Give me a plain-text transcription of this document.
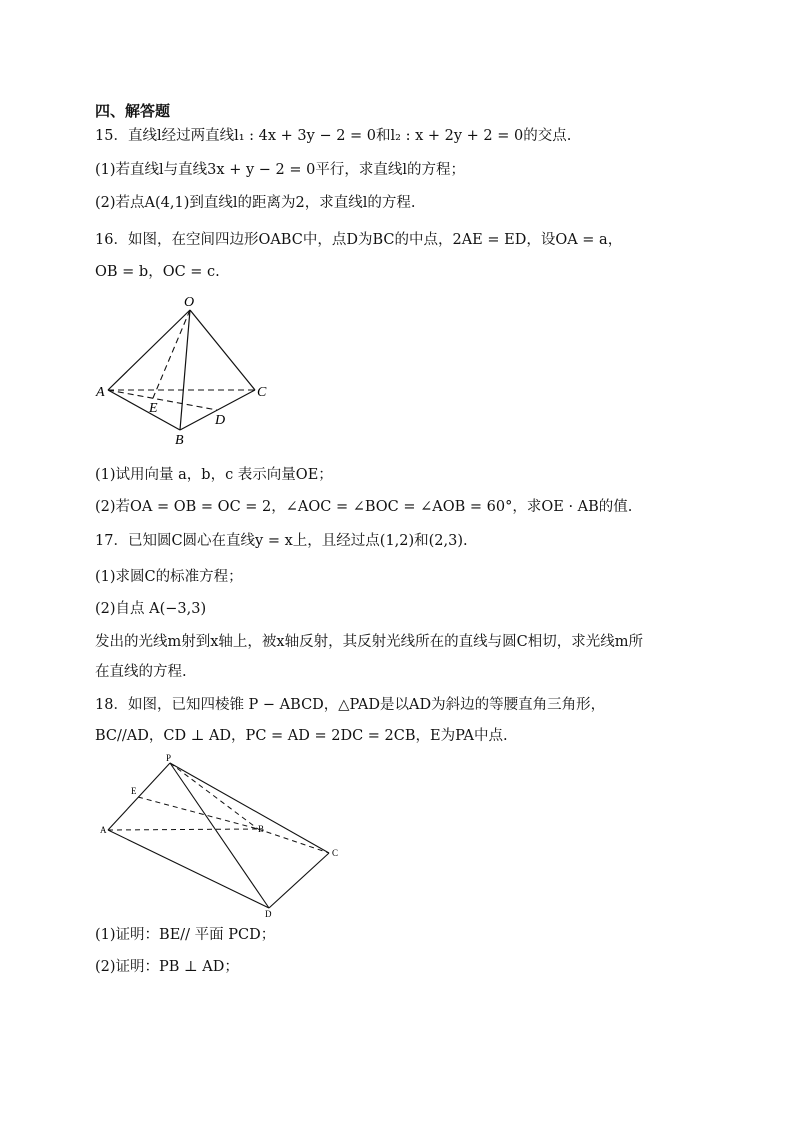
四、解答题
15．直线l经过两直线l₁ : 4x + 3y − 2 = 0和l₂ : x + 2y + 2 = 0的交点.
(1)若直线l与直线3x + y − 2 = 0平行，求直线l的方程；
(2)若点A(4,1)到直线l的距离为2，求直线l的方程.
16．如图，在空间四边形OABC中，点D为BC的中点，2AE = ED，设OA = a，
OB = b，OC = c.
O
A	C
B
D
E
(1)试用向量 a，b，c 表示向量OE；
(2)若OA = OB = OC = 2，∠AOC = ∠BOC = ∠AOB = 60°，求OE · AB的值.
17．已知圆C圆心在直线y = x上，且经过点(1,2)和(2,3).
(1)求圆C的标准方程；
(2)自点 A(−3,3)
发出的光线m射到x轴上，被x轴反射，其反射光线所在的直线与圆C相切，求光线m所
在直线的方程.
18．如图，已知四棱锥 P − ABCD，△PAD是以AD为斜边的等腰直角三角形，
BC//AD，CD ⊥ AD，PC = AD = 2DC = 2CB，E为PA中点.
P
A
E
B
C
D
(1)证明：BE// 平面 PCD；
(2)证明：PB ⊥ AD；
